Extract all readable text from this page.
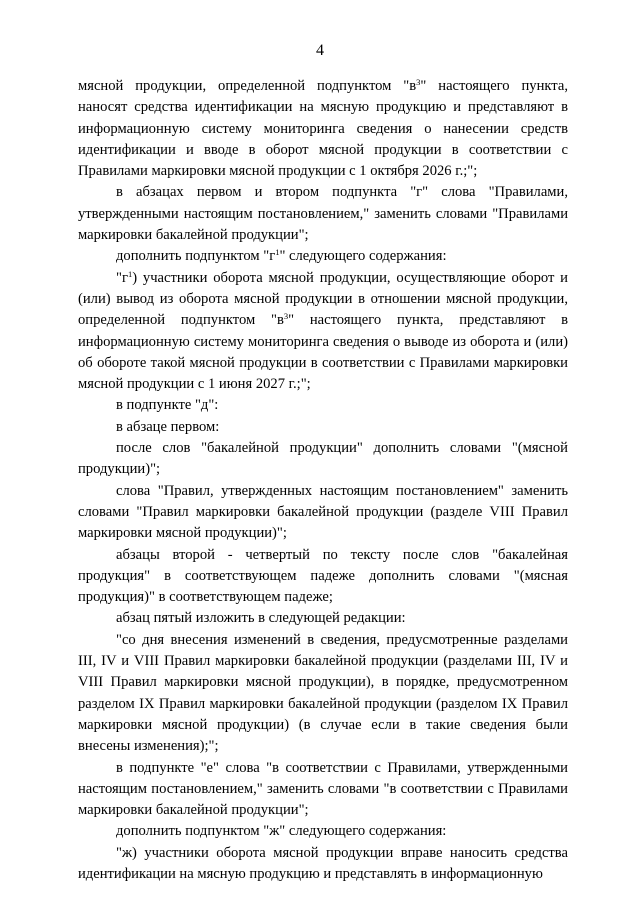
4

мясной продукции, определенной подпунктом "$в^3$" настоящего пункта, наносят средства идентификации на мясную продукцию и представляют в информационную систему мониторинга сведения о нанесении средств идентификации и вводе в оборот мясной продукции в соответствии с Правилами маркировки мясной продукции с 1 октября 2026 г.;";

в абзацах первом и втором подпункта "г" слова "Правилами, утвержденными настоящим постановлением," заменить словами "Правилами маркировки бакалейной продукции";

дополнить подпунктом "$г^1$" следующего содержания:

"$г^1$) участники оборота мясной продукции, осуществляющие оборот и (или) вывод из оборота мясной продукции в отношении мясной продукции, определенной подпунктом "$в^3$" настоящего пункта, представляют в информационную систему мониторинга сведения о выводе из оборота и (или) об обороте такой мясной продукции в соответствии с Правилами маркировки мясной продукции с 1 июня 2027 г.;";

в подпункте "д":

в абзаце первом:

после слов "бакалейной продукции" дополнить словами "(мясной продукции)";

слова "Правил, утвержденных настоящим постановлением" заменить словами "Правил маркировки бакалейной продукции (разделе VIII Правил маркировки мясной продукции)";

абзацы второй - четвертый по тексту после слов "бакалейная продукция" в соответствующем падеже дополнить словами "(мясная продукция)" в соответствующем падеже;

абзац пятый изложить в следующей редакции:

"со дня внесения изменений в сведения, предусмотренные разделами III, IV и VIII Правил маркировки бакалейной продукции (разделами III, IV и VIII Правил маркировки мясной продукции), в порядке, предусмотренном разделом IX Правил маркировки бакалейной продукции (разделом IX Правил маркировки мясной продукции) (в случае если в такие сведения были внесены изменения);";

в подпункте "е" слова "в соответствии с Правилами, утвержденными настоящим постановлением," заменить словами "в соответствии с Правилами маркировки бакалейной продукции";

дополнить подпунктом "ж" следующего содержания:

"ж) участники оборота мясной продукции вправе наносить средства идентификации на мясную продукцию и представлять в информационную
